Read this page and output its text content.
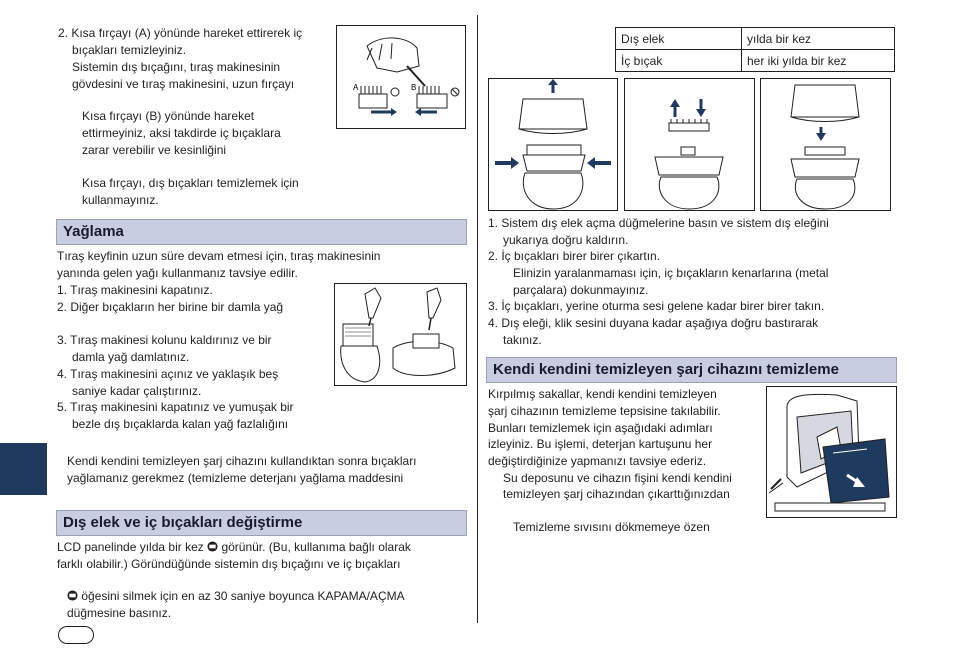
2. Kısa fırçayı (A) yönünde hareket ettirerek iç
bıçakları temizleyiniz.
Sistemin dış bıçağını, tıraş makinesinin
gövdesini ve tıraş makinesini, uzun fırçayı
Kısa fırçayı (B) yönünde hareket
ettirmeyiniz, aksi takdirde iç bıçaklara
zarar verebilir ve kesinliğini
Kısa fırçayı, dış bıçakları temizlemek için
kullanmayınız.
A	B
Yağlama
Tıraş keyfinin uzun süre devam etmesi için, tıraş makinesinin
yanında gelen yağı kullanmanız tavsiye edilir.
1. Tıraş makinesini kapatınız.
2. Diğer bıçakların her birine bir damla yağ
3. Tıraş makinesi kolunu kaldırınız ve bir
damla yağ damlatınız.
4. Tıraş makinesini açınız ve yaklaşık beş
saniye kadar çalıştırınız.
5. Tıraş makinesini kapatınız ve yumuşak bir
bezle dış bıçaklarda kalan yağ fazlalığını
Kendi kendini temizleyen şarj cihazını kullandıktan sonra bıçakları
yağlamanız gerekmez (temizleme deterjanı yağlama maddesini
Dış elek ve iç bıçakları değiştirme
LCD panelinde yılda bir kez görünür. (Bu, kullanıma bağlı olarak
farklı olabilir.) Göründüğünde sistemin dış bıçağını ve iç bıçakları
öğesini silmek için en az 30 saniye boyunca KAPAMA/AÇMA
düğmesine basınız.
Dış elek	yılda bir kez
İç bıçak	her iki yılda bir kez
1. Sistem dış elek açma düğmelerine basın ve sistem dış eleğini
yukarıya doğru kaldırın.
2. İç bıçakları birer birer çıkartın.
Elinizin yaralanmaması için, iç bıçakların kenarlarına (metal
parçalara) dokunmayınız.
3. İç bıçakları, yerine oturma sesi gelene kadar birer birer takın.
4. Dış eleği, klik sesini duyana kadar aşağıya doğru bastırarak
takınız.
Kendi kendini temizleyen şarj cihazını temizleme
Kırpılmış sakallar, kendi kendini temizleyen
şarj cihazının temizleme tepsisine takılabilir.
Bunları temizlemek için aşağıdaki adımları
izleyiniz. Bu işlemi, deterjan kartuşunu her
değiştirdiğinize yapmanızı tavsiye ederiz.
Su deposunu ve cihazın fişini kendi kendini
temizleyen şarj cihazından çıkarttığınızdan
Temizleme sıvısını dökmemeye özen
